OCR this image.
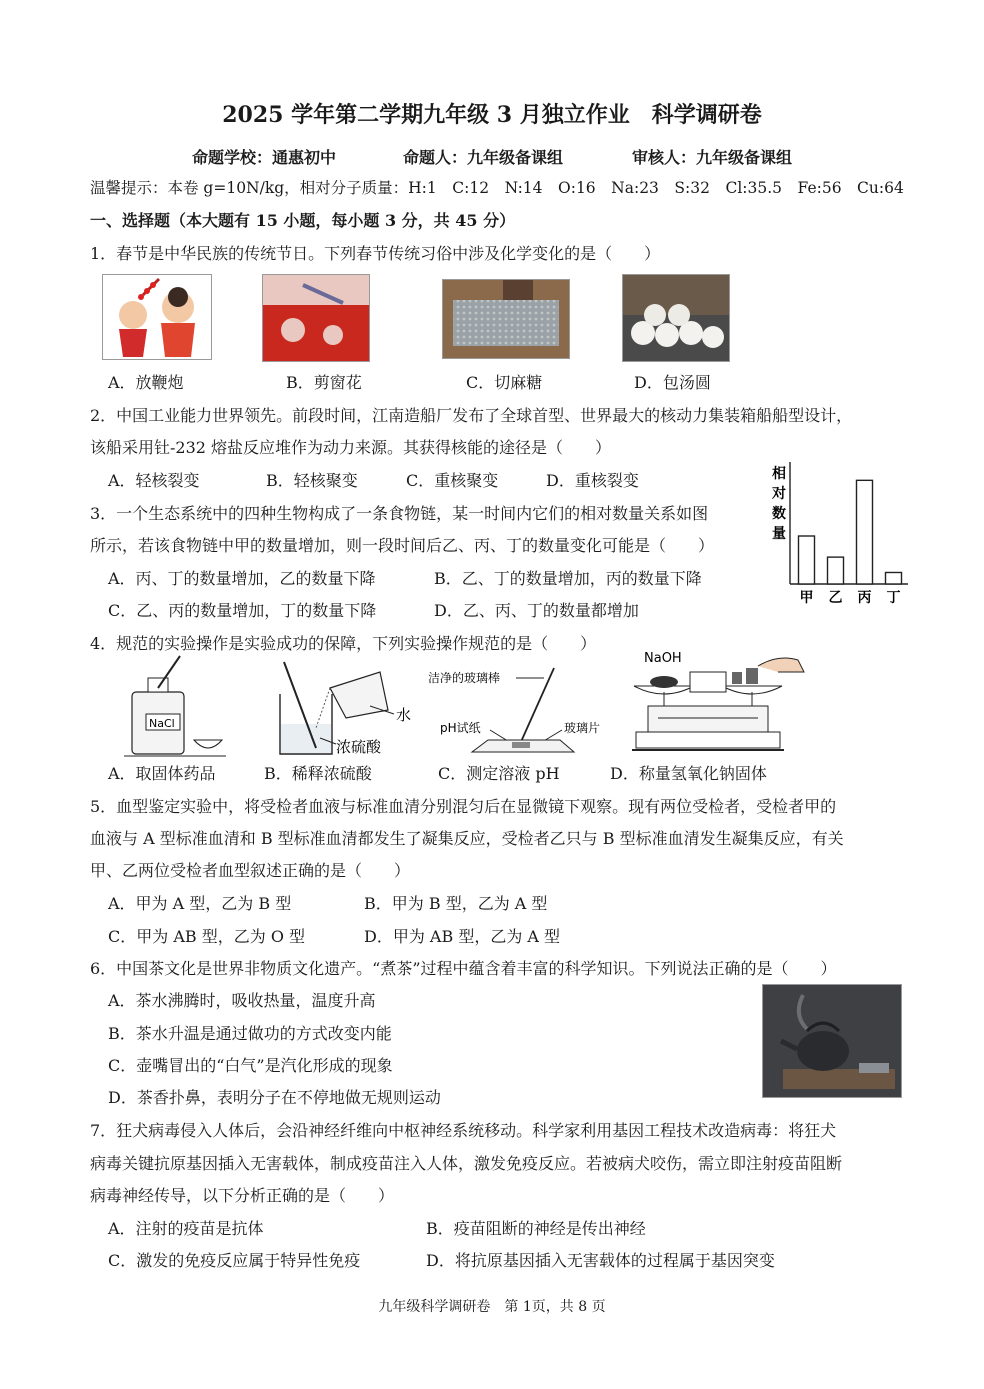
2025 学年第二学期九年级 3 月独立作业　科学调研卷
命题学校：通惠初中	命题人：九年级备课组	审核人：九年级备课组
温馨提示：本卷 g=10N/kg，相对分子质量：H:1　C:12　N:14　O:16　Na:23　S:32　Cl:35.5　Fe:56　Cu:64
一、选择题（本大题有 15 小题，每小题 3 分，共 45 分）
1．春节是中华民族的传统节日。下列春节传统习俗中涉及化学变化的是（　　）
A．放鞭炮	B．剪窗花	C．切麻糖	D．包汤圆
2．中国工业能力世界领先。前段时间，江南造船厂发布了全球首型、世界最大的核动力集装箱船船型设计，
该船采用钍-232 熔盐反应堆作为动力来源。其获得核能的途径是（　　）
A．轻核裂变	B．轻核聚变	C．重核聚变	D．重核裂变
3．一个生态系统中的四种生物构成了一条食物链，某一时间内它们的相对数量关系如图
所示，若该食物链中甲的数量增加，则一段时间后乙、丙、丁的数量变化可能是（　　）
A．丙、丁的数量增加，乙的数量下降	B．乙、丁的数量增加，丙的数量下降
C．乙、丙的数量增加，丁的数量下降	D．乙、丙、丁的数量都增加
相
对
数
量
甲 乙 丙 丁
4．规范的实验操作是实验成功的保障，下列实验操作规范的是（　　）
NaCl	水
浓硫酸
洁净的玻璃棒
pH试纸	玻璃片
NaOH
A．取固体药品	B．稀释浓硫酸	C．测定溶液 pH	D．称量氢氧化钠固体
5．血型鉴定实验中，将受检者血液与标准血清分别混匀后在显微镜下观察。现有两位受检者，受检者甲的
血液与 A 型标准血清和 B 型标准血清都发生了凝集反应，受检者乙只与 B 型标准血清发生凝集反应，有关
甲、乙两位受检者血型叙述正确的是（　　）
A．甲为 A 型，乙为 B 型	B．甲为 B 型，乙为 A 型
C．甲为 AB 型，乙为 O 型	D．甲为 AB 型，乙为 A 型
6．中国茶文化是世界非物质文化遗产。“煮茶”过程中蕴含着丰富的科学知识。下列说法正确的是（　　）
A．茶水沸腾时，吸收热量，温度升高
B．茶水升温是通过做功的方式改变内能
C．壶嘴冒出的“白气”是汽化形成的现象
D．茶香扑鼻，表明分子在不停地做无规则运动
7．狂犬病毒侵入人体后，会沿神经纤维向中枢神经系统移动。科学家利用基因工程技术改造病毒：将狂犬
病毒关键抗原基因插入无害载体，制成疫苗注入人体，激发免疫反应。若被病犬咬伤，需立即注射疫苗阻断
病毒神经传导，以下分析正确的是（　　）
A．注射的疫苗是抗体	B．疫苗阻断的神经是传出神经
C．激发的免疫反应属于特异性免疫	D．将抗原基因插入无害载体的过程属于基因突变
九年级科学调研卷　第 1页，共 8 页
